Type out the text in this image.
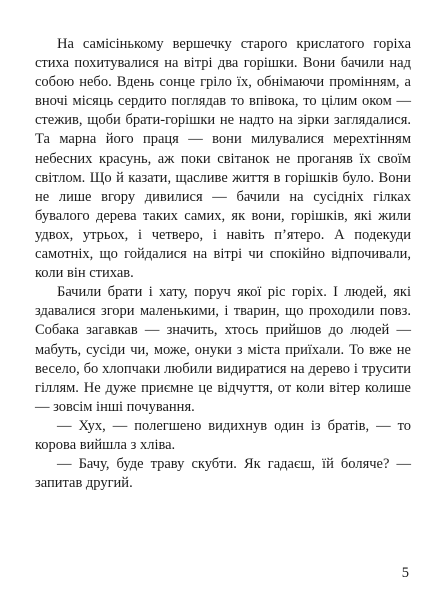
На самісінькому вершечку старого крислатого горіха стиха похитувалися на вітрі два горішки. Вони бачили над собою небо. Вдень сонце гріло їх, обнімаючи промінням, а вночі місяць сердито поглядав то впівока, то цілим оком — стежив, щоби брати-горішки не надто на зірки заглядалися. Та марна його праця — вони милувалися мерехтінням небесних красунь, аж поки світанок не проганяв їх своїм світлом. Що й казати, щасливе життя в горішків було. Вони не лише вгору дивилися — бачили на сусідніх гілках бувалого дерева таких самих, як вони, горішків, які жили удвох, утрьох, і четверо, і навіть п’ятеро. А подекуди самотніх, що гойдалися на вітрі чи спокійно відпочивали, коли він стихав.

Бачили брати і хату, поруч якої ріс горіх. І людей, які здавалися згори маленькими, і тварин, що проходили повз. Собака загавкав — значить, хтось прийшов до людей — мабуть, сусіди чи, може, онуки з міста приїхали. То вже не весело, бо хлопчаки любили видиратися на дерево і трусити гіллям. Не дуже приємне це відчуття, от коли вітер колише — зовсім інші почування.

— Хух, — полегшено видихнув один із братів, — то корова вийшла з хліва.

— Бачу, буде траву скубти. Як гадаєш, їй боляче? — запитав другий.

5
